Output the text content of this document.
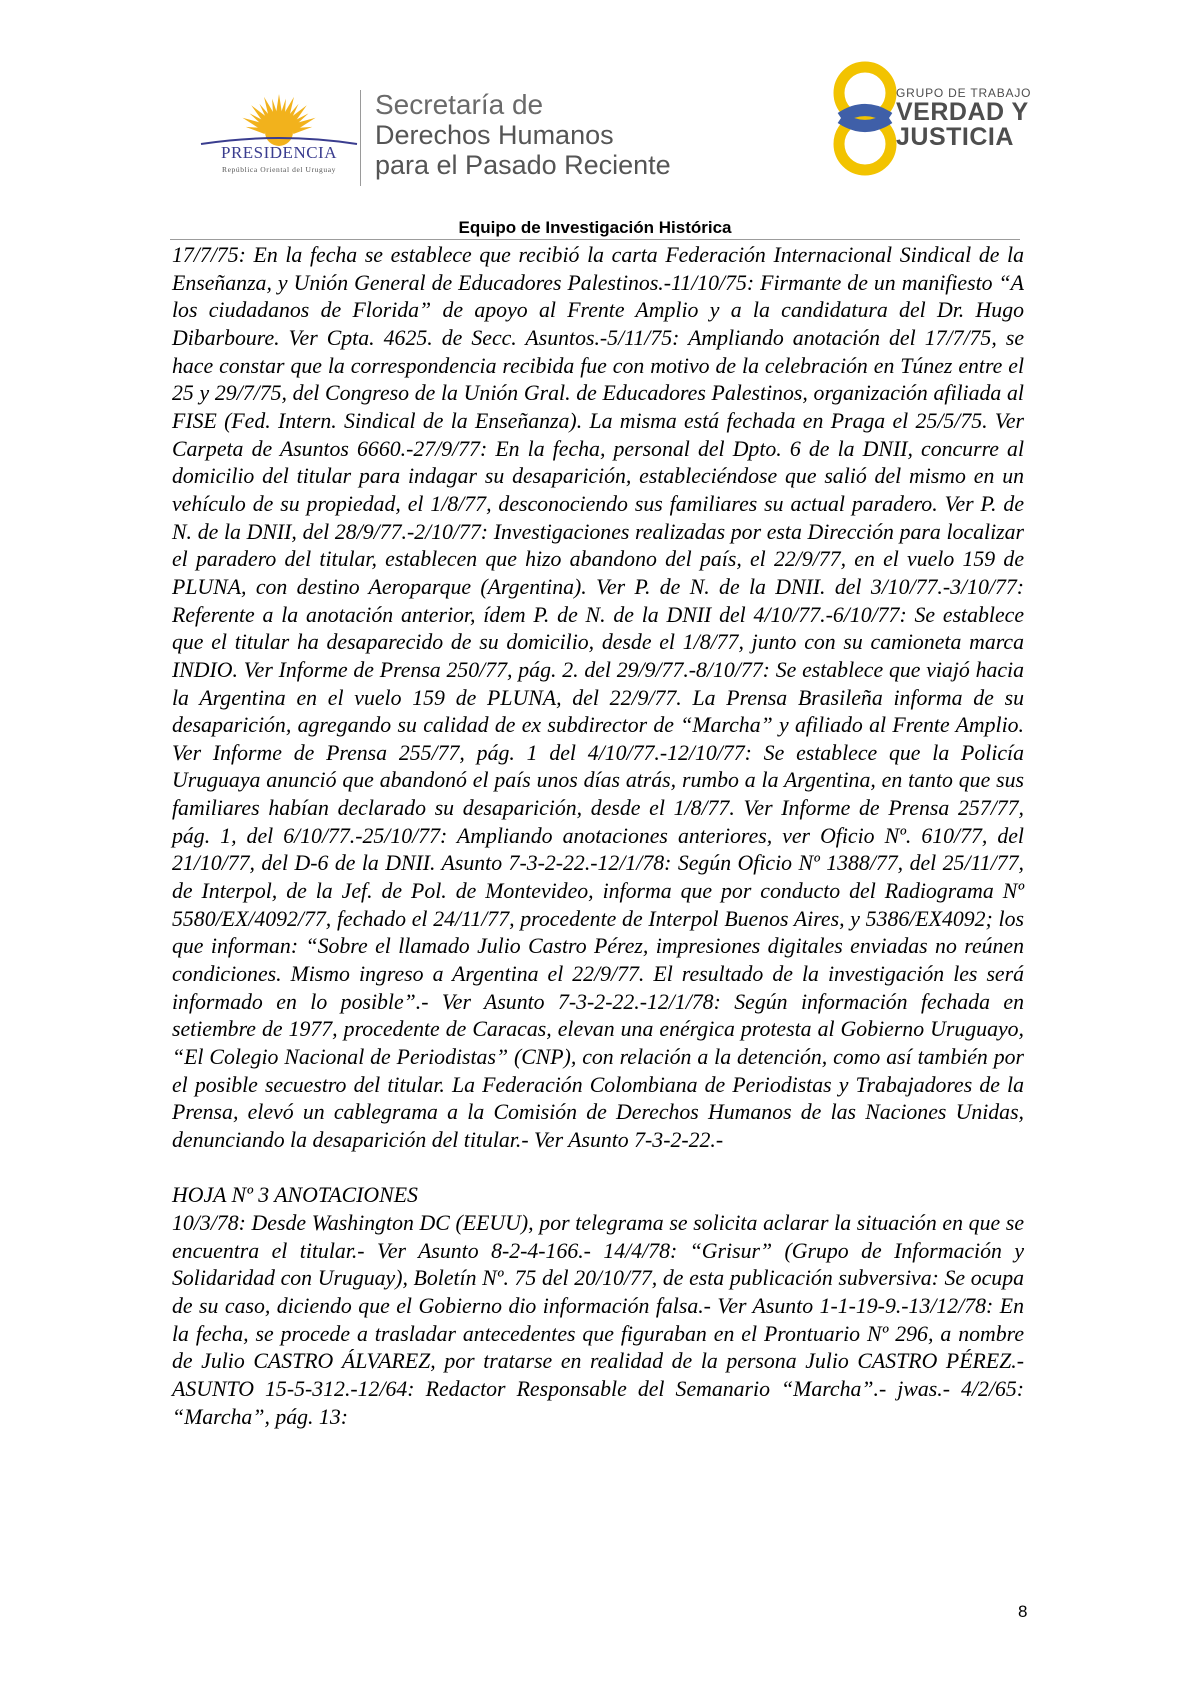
PRESIDENCIA
República Oriental del Uruguay
Secretaría de
Derechos Humanos
para el Pasado Reciente
GRUPO DE TRABAJO
VERDAD Y
JUSTICIA
Equipo de Investigación Histórica

17/7/75: En la fecha se establece que recibió la carta Federación Internacional Sindical de la Enseñanza, y Unión General de Educadores Palestinos.-11/10/75: Firmante de un manifiesto “A los ciudadanos de Florida” de apoyo al Frente Amplio y a la candidatura del Dr. Hugo Dibarboure. Ver Cpta. 4625. de Secc. Asuntos.-5/11/75: Ampliando anotación del 17/7/75, se hace constar que la correspondencia recibida fue con motivo de la celebración en Túnez entre el 25 y 29/7/75, del Congreso de la Unión Gral. de Educadores Palestinos, organización afiliada al FISE (Fed. Intern. Sindical de la Enseñanza). La misma está fechada en Praga el 25/5/75. Ver Carpeta de Asuntos 6660.-27/9/77: En la fecha, personal del Dpto. 6 de la DNII, concurre al domicilio del titular para indagar su desaparición, estableciéndose que salió del mismo en un vehículo de su propiedad, el 1/8/77, desconociendo sus familiares su actual paradero. Ver P. de N. de la DNII, del 28/9/77.-2/10/77: Investigaciones realizadas por esta Dirección para localizar el paradero del titular, establecen que hizo abandono del país, el 22/9/77, en el vuelo 159 de PLUNA, con destino Aeroparque (Argentina). Ver P. de N. de la DNII. del 3/10/77.-3/10/77: Referente a la anotación anterior, ídem P. de N. de la DNII del 4/10/77.-6/10/77: Se establece que el titular ha desaparecido de su domicilio, desde el 1/8/77, junto con su camioneta marca INDIO. Ver Informe de Prensa 250/77, pág. 2. del 29/9/77.-8/10/77: Se establece que viajó hacia la Argentina en el vuelo 159 de PLUNA, del 22/9/77. La Prensa Brasileña informa de su desaparición, agregando su calidad de ex subdirector de “Marcha” y afiliado al Frente Amplio. Ver Informe de Prensa 255/77, pág. 1 del 4/10/77.-12/10/77: Se establece que la Policía Uruguaya anunció que abandonó el país unos días atrás, rumbo a la Argentina, en tanto que sus familiares habían declarado su desaparición, desde el 1/8/77. Ver Informe de Prensa 257/77, pág. 1, del 6/10/77.-25/10/77: Ampliando anotaciones anteriores, ver Oficio Nº. 610/77, del 21/10/77, del D-6 de la DNII. Asunto 7-3-2-22.-12/1/78: Según Oficio Nº 1388/77, del 25/11/77, de Interpol, de la Jef. de Pol. de Montevideo, informa que por conducto del Radiograma Nº 5580/EX/4092/77, fechado el 24/11/77, procedente de Interpol Buenos Aires, y 5386/EX4092; los que informan: “Sobre el llamado Julio Castro Pérez, impresiones digitales enviadas no reúnen condiciones. Mismo ingreso a Argentina el 22/9/77. El resultado de la investigación les será informado en lo posible”.- Ver Asunto 7-3-2-22.-12/1/78: Según información fechada en setiembre de 1977, procedente de Caracas, elevan una enérgica protesta al Gobierno Uruguayo, “El Colegio Nacional de Periodistas” (CNP), con relación a la detención, como así también por el posible secuestro del titular. La Federación Colombiana de Periodistas y Trabajadores de la Prensa, elevó un cablegrama a la Comisión de Derechos Humanos de las Naciones Unidas, denunciando la desaparición del titular.- Ver Asunto 7-3-2-22.-

HOJA Nº 3 ANOTACIONES

10/3/78: Desde Washington DC (EEUU), por telegrama se solicita aclarar la situación en que se encuentra el titular.- Ver Asunto 8-2-4-166.- 14/4/78: “Grisur” (Grupo de Información y Solidaridad con Uruguay), Boletín Nº. 75 del 20/10/77, de esta publicación subversiva: Se ocupa de su caso, diciendo que el Gobierno dio información falsa.- Ver Asunto 1-1-19-9.-13/12/78: En la fecha, se procede a trasladar antecedentes que figuraban en el Prontuario Nº 296, a nombre de Julio CASTRO ÁLVAREZ, por tratarse en realidad de la persona Julio CASTRO PÉREZ.- ASUNTO 15-5-312.-12/64: Redactor Responsable del Semanario “Marcha”.- jwas.- 4/2/65: “Marcha”, pág. 13:

8
